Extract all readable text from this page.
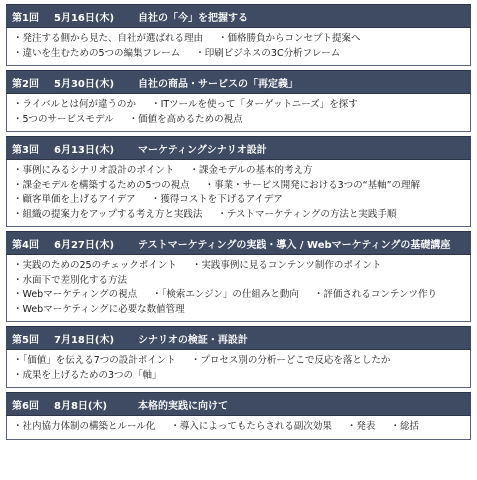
第1回	5月16日(木)	自社の「今」を把握する
・発注する側から見た、自社が選ばれる理由 ・価格勝負からコンセプト提案へ
・違いを生むための5つの編集フレーム ・印刷ビジネスの3C分析フレーム
第2回	5月30日(木)	自社の商品・サービスの「再定義」
・ライバルとは何が違うのか ・ITツールを使って「ターゲットニーズ」を探す
・5つのサービスモデル ・価値を高めるための視点
第3回	6月13日(木)	マーケティングシナリオ設計
・事例にみるシナリオ設計のポイント ・課金モデルの基本的考え方
・課金モデルを構築するための5つの視点 ・事業・サービス開発における3つの“基軸”の理解
・顧客単価を上げるアイデア ・獲得コストを下げるアイデア
・組織の提案力をアップする考え方と実践法 ・テストマーケティングの方法と実践手順
第4回	6月27日(木)	テストマーケティングの実践・導入 / Webマーケティングの基礎講座
・実践のための25のチェックポイント ・実践事例に見るコンテンツ制作のポイント
・水面下で差別化する方法
・Webマーケティングの視点 ・「検索エンジン」の仕組みと動向 ・評価されるコンテンツ作り
・Webマーケティングに必要な数値管理
第5回	7月18日(木)	シナリオの検証・再設計
・「価値」を伝える7つの設計ポイント ・プロセス別の分析ーどこで反応を落としたか
・成果を上げるための3つの「軸」
第6回	8月8日(木)	本格的実践に向けて
・社内協力体制の構築とルール化 ・導入によってもたらされる副次効果 ・発表 ・総括
